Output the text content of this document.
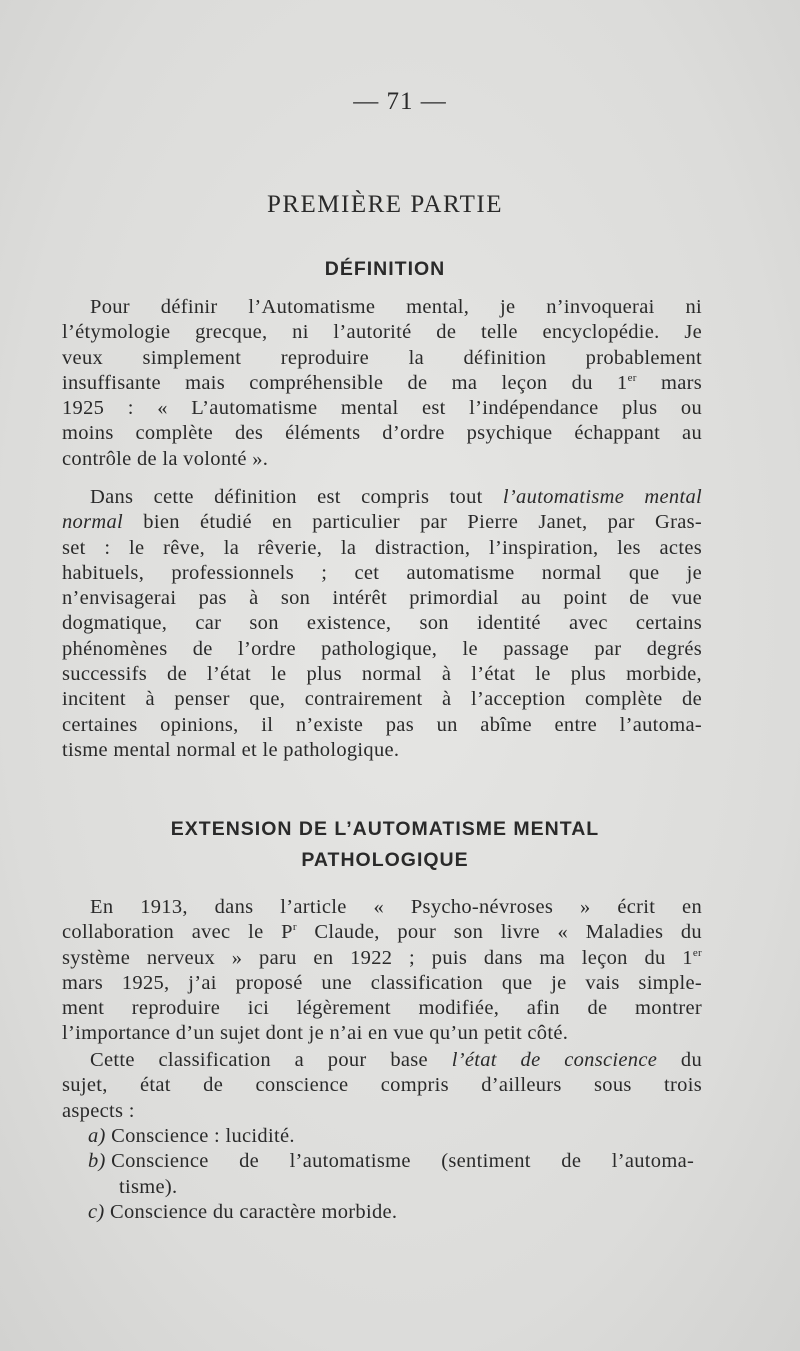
— 71 —
PREMIÈRE PARTIE
DÉFINITION
Pour définir l’Automatisme mental, je n’invoquerai ni
l’étymologie grecque, ni l’autorité de telle encyclopédie. Je
veux simplement reproduire la définition probablement
insuffisante mais compréhensible de ma leçon du 1er mars
1925 : « L’automatisme mental est l’indépendance plus ou
moins complète des éléments d’ordre psychique échappant au
contrôle de la volonté ».
Dans cette définition est compris tout l’automatisme mental
normal bien étudié en particulier par Pierre Janet, par Gras-
set : le rêve, la rêverie, la distraction, l’inspiration, les actes
habituels, professionnels ; cet automatisme normal que je
n’envisagerai pas à son intérêt primordial au point de vue
dogmatique, car son existence, son identité avec certains
phénomènes de l’ordre pathologique, le passage par degrés
successifs de l’état le plus normal à l’état le plus morbide,
incitent à penser que, contrairement à l’acception complète de
certaines opinions, il n’existe pas un abîme entre l’automa-
tisme mental normal et le pathologique.
EXTENSION DE L’AUTOMATISME MENTAL
PATHOLOGIQUE
En 1913, dans l’article « Psycho-névroses » écrit en
collaboration avec le $P^r$ Claude, pour son livre « Maladies du
système nerveux » paru en 1922 ; puis dans ma leçon du 1er
mars 1925, j’ai proposé une classification que je vais simple-
ment reproduire ici légèrement modifiée, afin de montrer
l’importance d’un sujet dont je n’ai en vue qu’un petit côté.
Cette classification a pour base l’état de conscience du
sujet, état de conscience compris d’ailleurs sous trois
aspects :
a) Conscience : lucidité.
b) Conscience de l’automatisme (sentiment de l’automa-
tisme).
c) Conscience du caractère morbide.
